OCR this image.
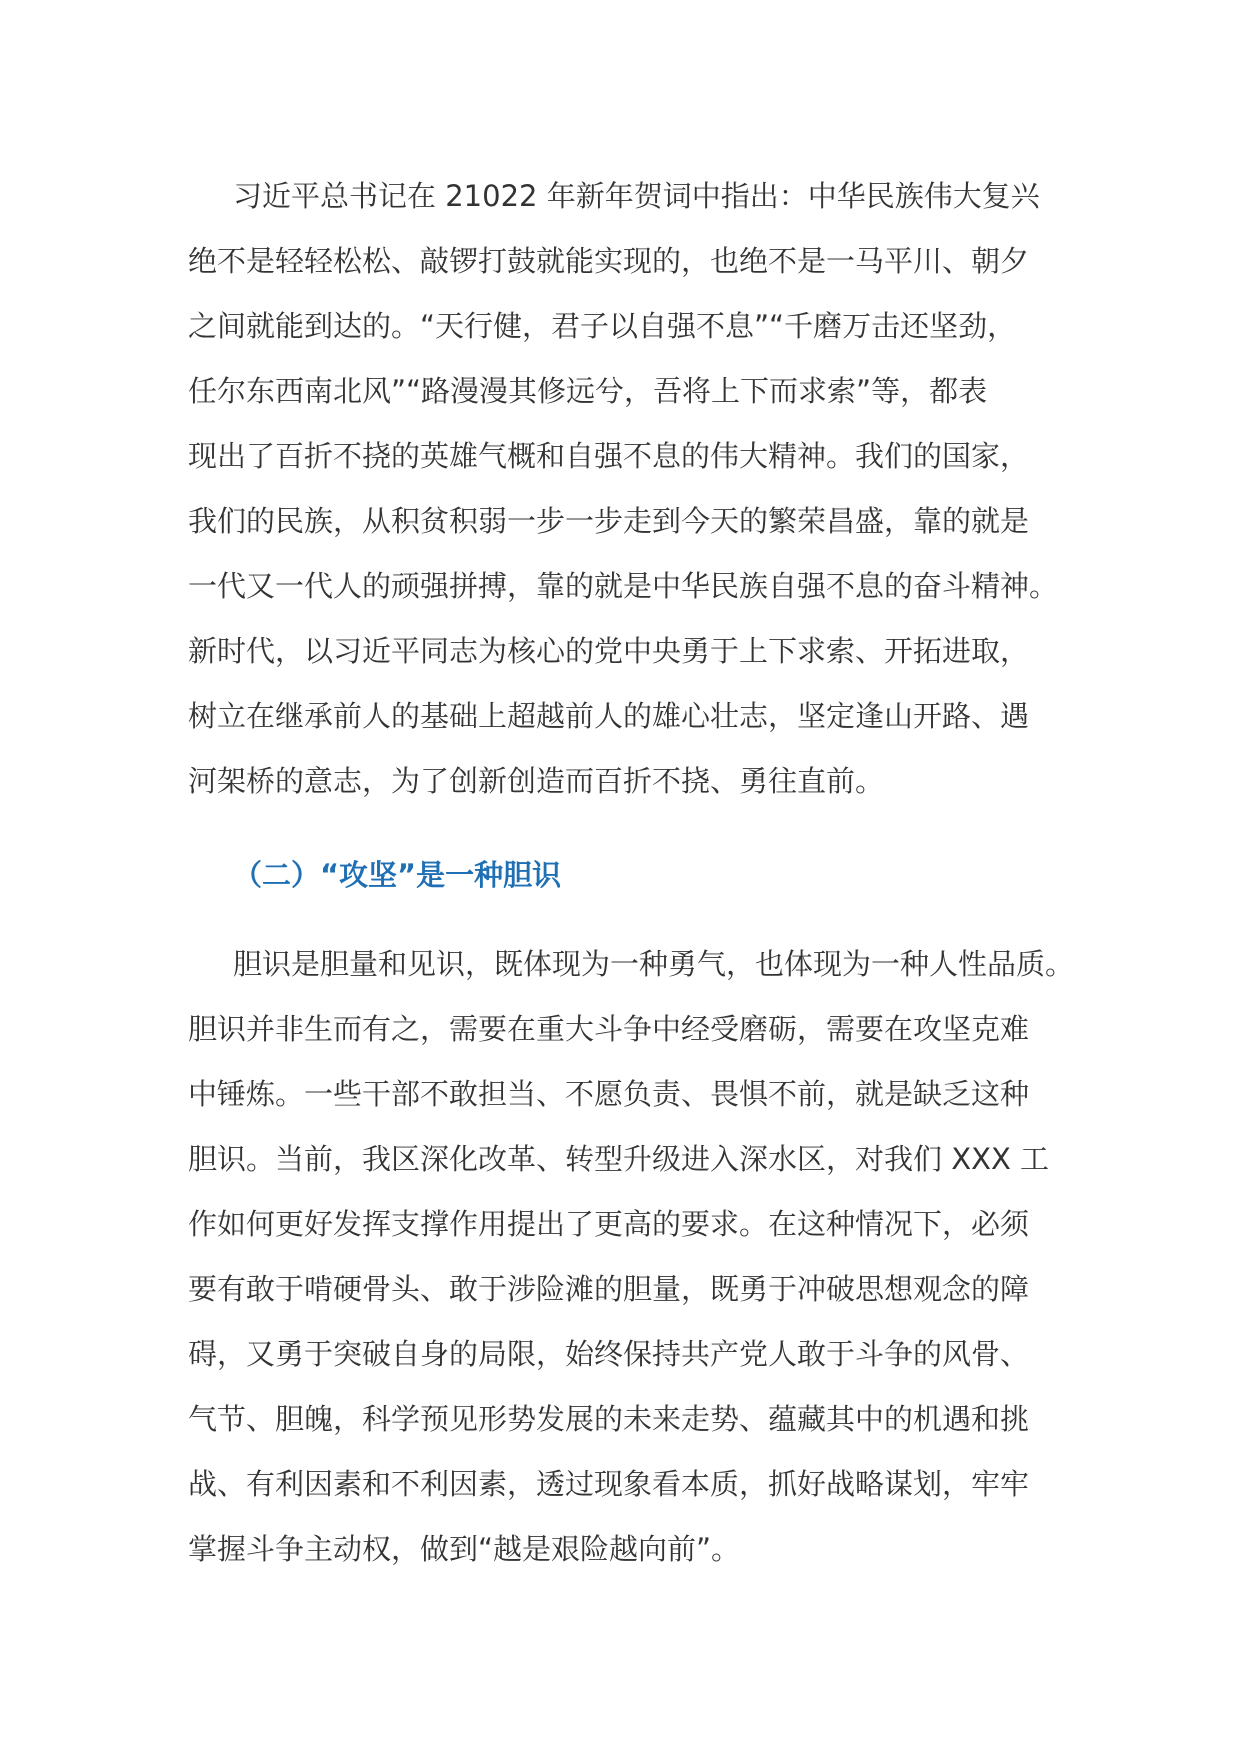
习近平总书记在 21022 年新年贺词中指出：中华民族伟大复兴

绝不是轻轻松松、敲锣打鼓就能实现的，也绝不是一马平川、朝夕

之间就能到达的。“天行健，君子以自强不息”“千磨万击还坚劲，

任尔东西南北风”“路漫漫其修远兮，吾将上下而求索”等，都表

现出了百折不挠的英雄气概和自强不息的伟大精神。我们的国家，

我们的民族，从积贫积弱一步一步走到今天的繁荣昌盛，靠的就是

一代又一代人的顽强拼搏，靠的就是中华民族自强不息的奋斗精神。

新时代，以习近平同志为核心的党中央勇于上下求索、开拓进取，

树立在继承前人的基础上超越前人的雄心壮志，坚定逢山开路、遇

河架桥的意志，为了创新创造而百折不挠、勇往直前。

（二）“攻坚”是一种胆识

胆识是胆量和见识，既体现为一种勇气，也体现为一种人性品质。

胆识并非生而有之，需要在重大斗争中经受磨砺，需要在攻坚克难

中锤炼。一些干部不敢担当、不愿负责、畏惧不前，就是缺乏这种

胆识。当前，我区深化改革、转型升级进入深水区，对我们 XXX 工

作如何更好发挥支撑作用提出了更高的要求。在这种情况下，必须

要有敢于啃硬骨头、敢于涉险滩的胆量，既勇于冲破思想观念的障

碍，又勇于突破自身的局限，始终保持共产党人敢于斗争的风骨、

气节、胆魄，科学预见形势发展的未来走势、蕴藏其中的机遇和挑

战、有利因素和不利因素，透过现象看本质，抓好战略谋划，牢牢

掌握斗争主动权，做到“越是艰险越向前”。
